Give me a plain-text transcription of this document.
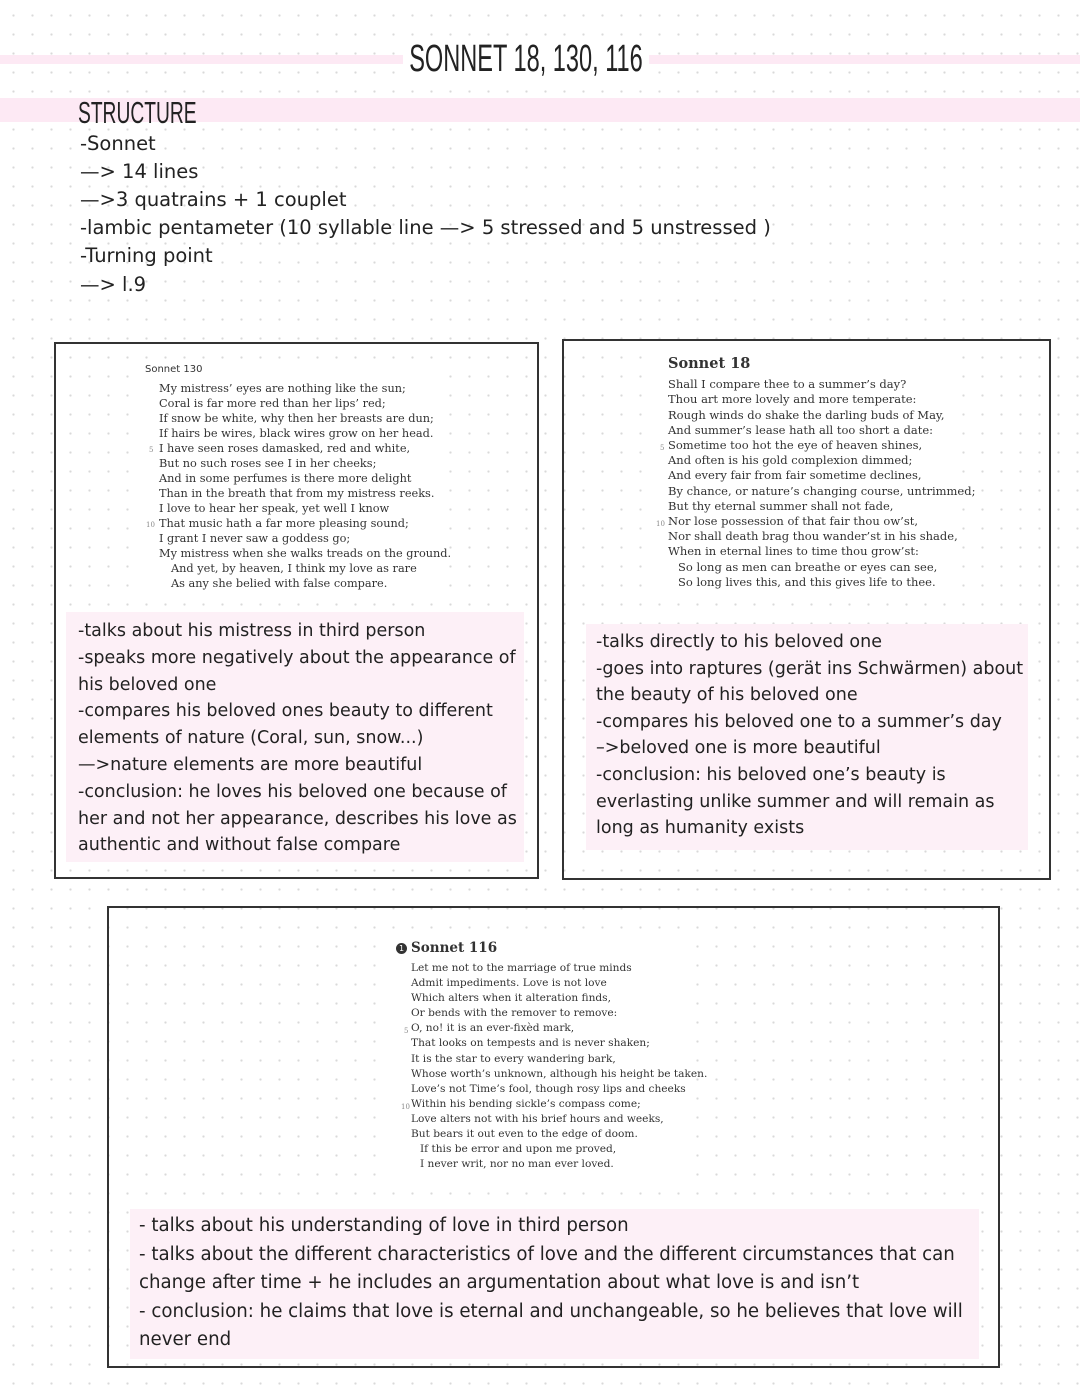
SONNET 18, 130, 116
STRUCTURE
-Sonnet
—> 14 lines
—>3 quatrains + 1 couplet
-lambic pentameter (10 syllable line —> 5 stressed and 5 unstressed )
-Turning point
—> l.9
Sonnet 130
My mistress’ eyes are nothing like the sun;
Coral is far more red than her lips’ red;
If snow be white, why then her breasts are dun;
If hairs be wires, black wires grow on her head.
5 I have seen roses damasked, red and white,
But no such roses see I in her cheeks;
And in some perfumes is there more delight
Than in the breath that from my mistress reeks.
I love to hear her speak, yet well I know
10 That music hath a far more pleasing sound;
I grant I never saw a goddess go;
My mistress when she walks treads on the ground.
And yet, by heaven, I think my love as rare
As any she belied with false compare.
-talks about his mistress in third person
-speaks more negatively about the appearance of
his beloved one
-compares his beloved ones beauty to different
elements of nature (Coral, sun, snow...)
—>nature elements are more beautiful
-conclusion: he loves his beloved one because of
her and not her appearance, describes his love as
authentic and without false compare
Sonnet 18
Shall I compare thee to a summer’s day?
Thou art more lovely and more temperate:
Rough winds do shake the darling buds of May,
And summer’s lease hath all too short a date:
5 Sometime too hot the eye of heaven shines,
And often is his gold complexion dimmed;
And every fair from fair sometime declines,
By chance, or nature’s changing course, untrimmed;
But thy eternal summer shall not fade,
10 Nor lose possession of that fair thou ow’st,
Nor shall death brag thou wander’st in his shade,
When in eternal lines to time thou grow’st:
So long as men can breathe or eyes can see,
So long lives this, and this gives life to thee.
-talks directly to his beloved one
-goes into raptures (gerät ins Schwärmen) about
the beauty of his beloved one
-compares his beloved one to a summer’s day
–>beloved one is more beautiful
-conclusion: his beloved one’s beauty is
everlasting unlike summer and will remain as
long as humanity exists
1 Sonnet 116
Let me not to the marriage of true minds
Admit impediments. Love is not love
Which alters when it alteration finds,
Or bends with the remover to remove:
5 O, no! it is an ever-fixèd mark,
That looks on tempests and is never shaken;
It is the star to every wandering bark,
Whose worth’s unknown, although his height be taken.
Love’s not Time’s fool, though rosy lips and cheeks
10 Within his bending sickle’s compass come;
Love alters not with his brief hours and weeks,
But bears it out even to the edge of doom.
If this be error and upon me proved,
I never writ, nor no man ever loved.
- talks about his understanding of love in third person
- talks about the different characteristics of love and the different circumstances that can
change after time + he includes an argumentation about what love is and isn’t
- conclusion: he claims that love is eternal and unchangeable, so he believes that love will
never end
